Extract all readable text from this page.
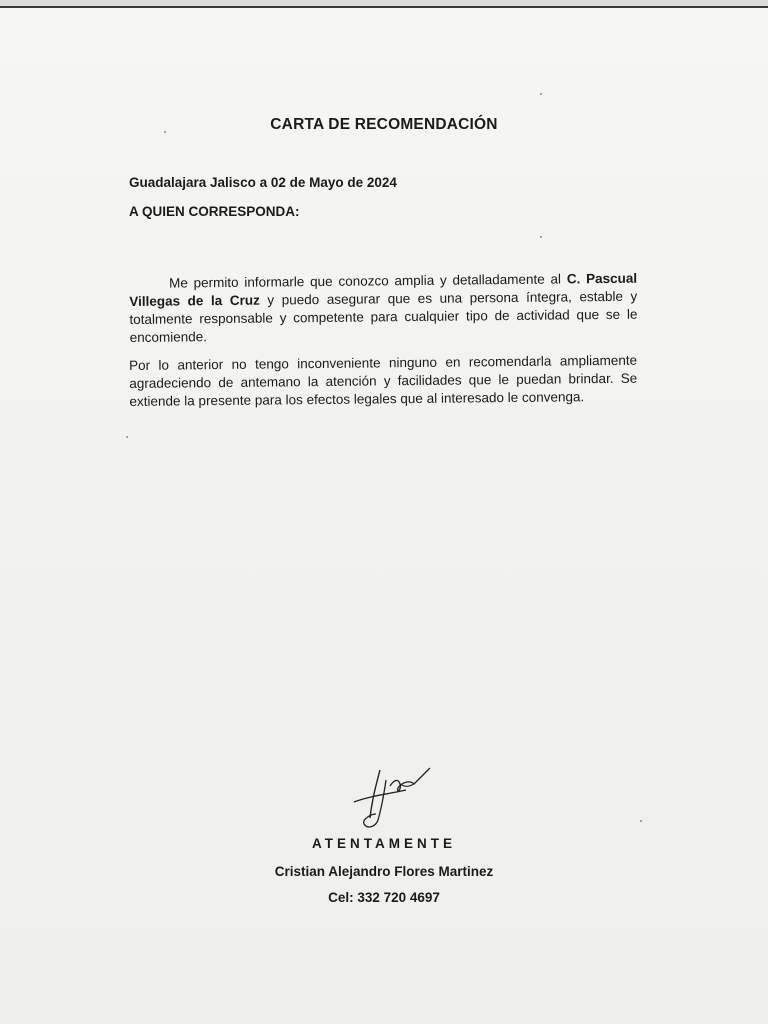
CARTA DE RECOMENDACIÓN
Guadalajara Jalisco a 02 de Mayo de 2024
A QUIEN CORRESPONDA:
Me permito informarle que conozco amplia y detalladamente al C. Pascual Villegas de la Cruz y puedo asegurar que es una persona íntegra, estable y totalmente responsable y competente para cualquier tipo de actividad que se le encomiende.
Por lo anterior no tengo inconveniente ninguno en recomendarla ampliamente agradeciendo de antemano la atención y facilidades que le puedan brindar. Se extiende la presente para los efectos legales que al interesado le convenga.
ATENTAMENTE
Cristian Alejandro Flores Martinez
Cel: 332 720 4697
